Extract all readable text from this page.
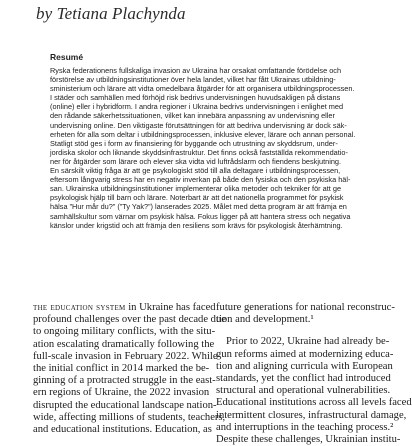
by Tetiana Plachynda
Resumé
Ryska federationens fullskaliga invasion av Ukraina har orsakat omfattande förödelse och
förstörelse av utbildningsinstitutioner över hela landet, vilket har fått Ukrainas utbildning-
sministerium och lärare att vidta omedelbara åtgärder för att organisera utbildningsprocessen.
I städer och samhällen med förhöjd risk bedrivs undervisningen huvudsakligen på distans
(online) eller i hybridform. I andra regioner i Ukraina bedrivs undervisningen i enlighet med
den rådande säkerhetssituationen, vilket kan innebära anpassning av undervisning eller
undervisning online. Den viktigaste förutsättningen för att bedriva undervisning är dock säk-
erheten för alla som deltar i utbildningsprocessen, inklusive elever, lärare och annan personal.
Statligt stöd ges i form av finansiering för byggande och utrustning av skyddsrum, under-
jordiska skolor och liknande skyddsinfrastruktur. Det finns också fastställda rekommendatio-
ner för åtgärder som lärare och elever ska vidta vid luftrådslarm och fiendens beskjutning.
En särskilt viktig fråga är att ge psykologiskt stöd till alla deltagare i utbildningsprocessen,
eftersom långvarig stress har en negativ inverkan på både den fysiska och den psykiska häl-
san. Ukrainska utbildningsinstitutioner implementerar olika metoder och tekniker för att ge
psykologisk hjälp till barn och lärare. Noterbart är att det nationella programmet för psykisk
hälsa ”Hur mår du?” (”Ty Yak?”) lanserades 2025. Målet med detta program är att främja en
samhällskultur som värnar om psykisk hälsa. Fokus ligger på att hantera stress och negativa
känslor under krigstid och att främja den resiliens som krävs för psykologisk återhämtning.
the education system in Ukraine has faced
profound challenges over the past decade due
to ongoing military conflicts, with the situ-
ation escalating dramatically following the
full-scale invasion in February 2022. While
the initial conflict in 2014 marked the be-
ginning of a protracted struggle in the east-
ern regions of Ukraine, the 2022 invasion
disrupted the educational landscape nation-
wide, affecting millions of students, teachers,
and educational institutions. Education, as
future generations for national reconstruc-
tion and development.¹
Prior to 2022, Ukraine had already be-
gun reforms aimed at modernizing educa-
tion and aligning curricula with European
standards, yet the conflict had introduced
structural and operational vulnerabilities.
Educational institutions across all levels faced
intermittent closures, infrastructural damage,
and interruptions in the teaching process.²
Despite these challenges, Ukrainian institu-
